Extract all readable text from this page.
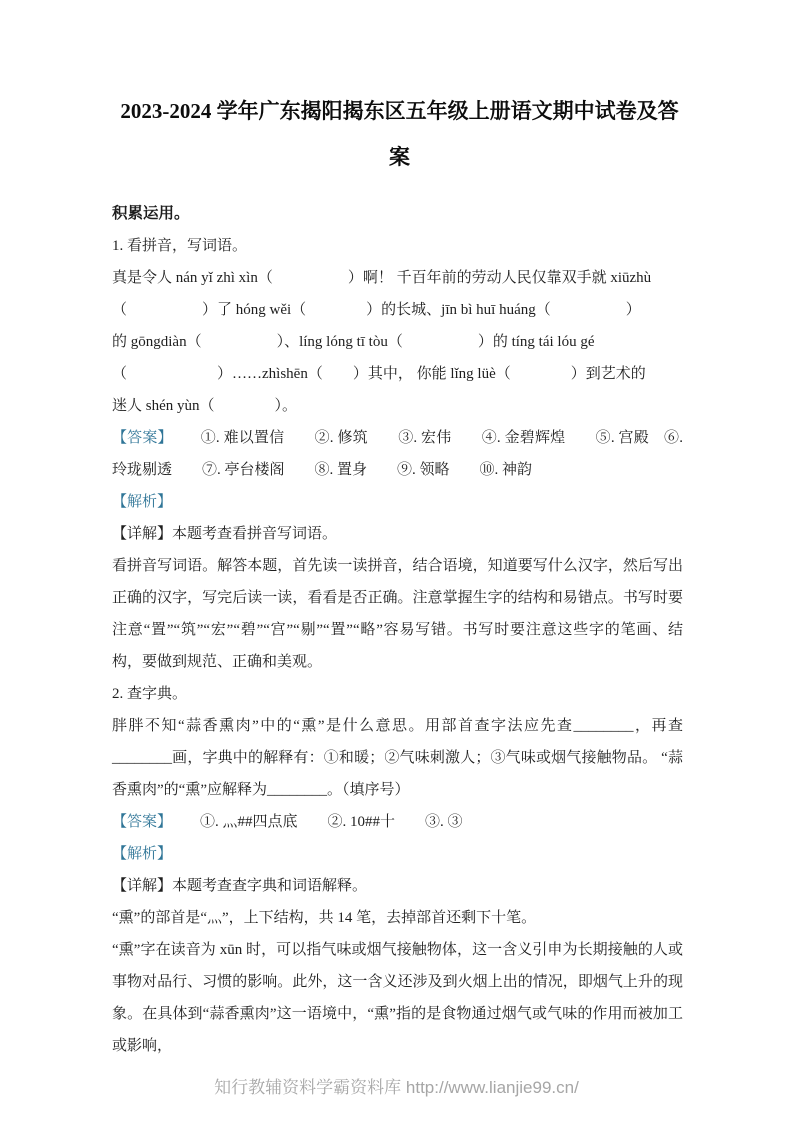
2023-2024 学年广东揭阳揭东区五年级上册语文期中试卷及答案

积累运用。

1. 看拼音，写词语。

真是令人 nán yǐ zhì xìn（　　　　　）啊！ 千百年前的劳动人民仅靠双手就 xiūzhù
（　　　　　）了 hóng wěi（　　　　）的长城、jīn bì huī huáng（　　　　　）
的 gōngdiàn（　　　　　）、líng lóng tī tòu（　　　　　）的 tíng tái lóu gé
（　　　　　　）……zhìshēn（　　）其中， 你能 lǐng lüè（　　　　）到艺术的
迷人 shén yùn（　　　　）。

【答案】 ①. 难以置信　　②. 修筑　　③. 宏伟　　④. 金碧辉煌　　⑤. 宫殿　⑥. 玲珑剔透　　⑦. 亭台楼阁　　⑧. 置身　　⑨. 领略　　⑩. 神韵

【解析】

【详解】本题考查看拼音写词语。

看拼音写词语。解答本题，首先读一读拼音，结合语境，知道要写什么汉字，然后写出正确的汉字，写完后读一读，看看是否正确。注意掌握生字的结构和易错点。书写时要注意“置”“筑”“宏”“碧”“宫”“剔”“置”“略”容易写错。书写时要注意这些字的笔画、结构，要做到规范、正确和美观。

2. 查字典。

胖胖不知“蒜香熏肉”中的“熏”是什么意思。用部首查字法应先查________，再查________画，字典中的解释有：①和暖；②气味刺激人；③气味或烟气接触物品。 “蒜香熏肉”的“熏”应解释为________。（填序号）

【答案】 ①. 灬##四点底　　②. 10##十　　③. ③

【解析】

【详解】本题考查查字典和词语解释。

“熏”的部首是“灬”，上下结构，共 14 笔，去掉部首还剩下十笔。

“熏”字在读音为 xūn 时，可以指气味或烟气接触物体，这一含义引申为长期接触的人或事物对品行、习惯的影响。此外，这一含义还涉及到火烟上出的情况，即烟气上升的现象。在具体到“蒜香熏肉”这一语境中，“熏”指的是食物通过烟气或气味的作用而被加工或影响，

知行教辅资料学霸资料库 http://www.lianjie99.cn/
